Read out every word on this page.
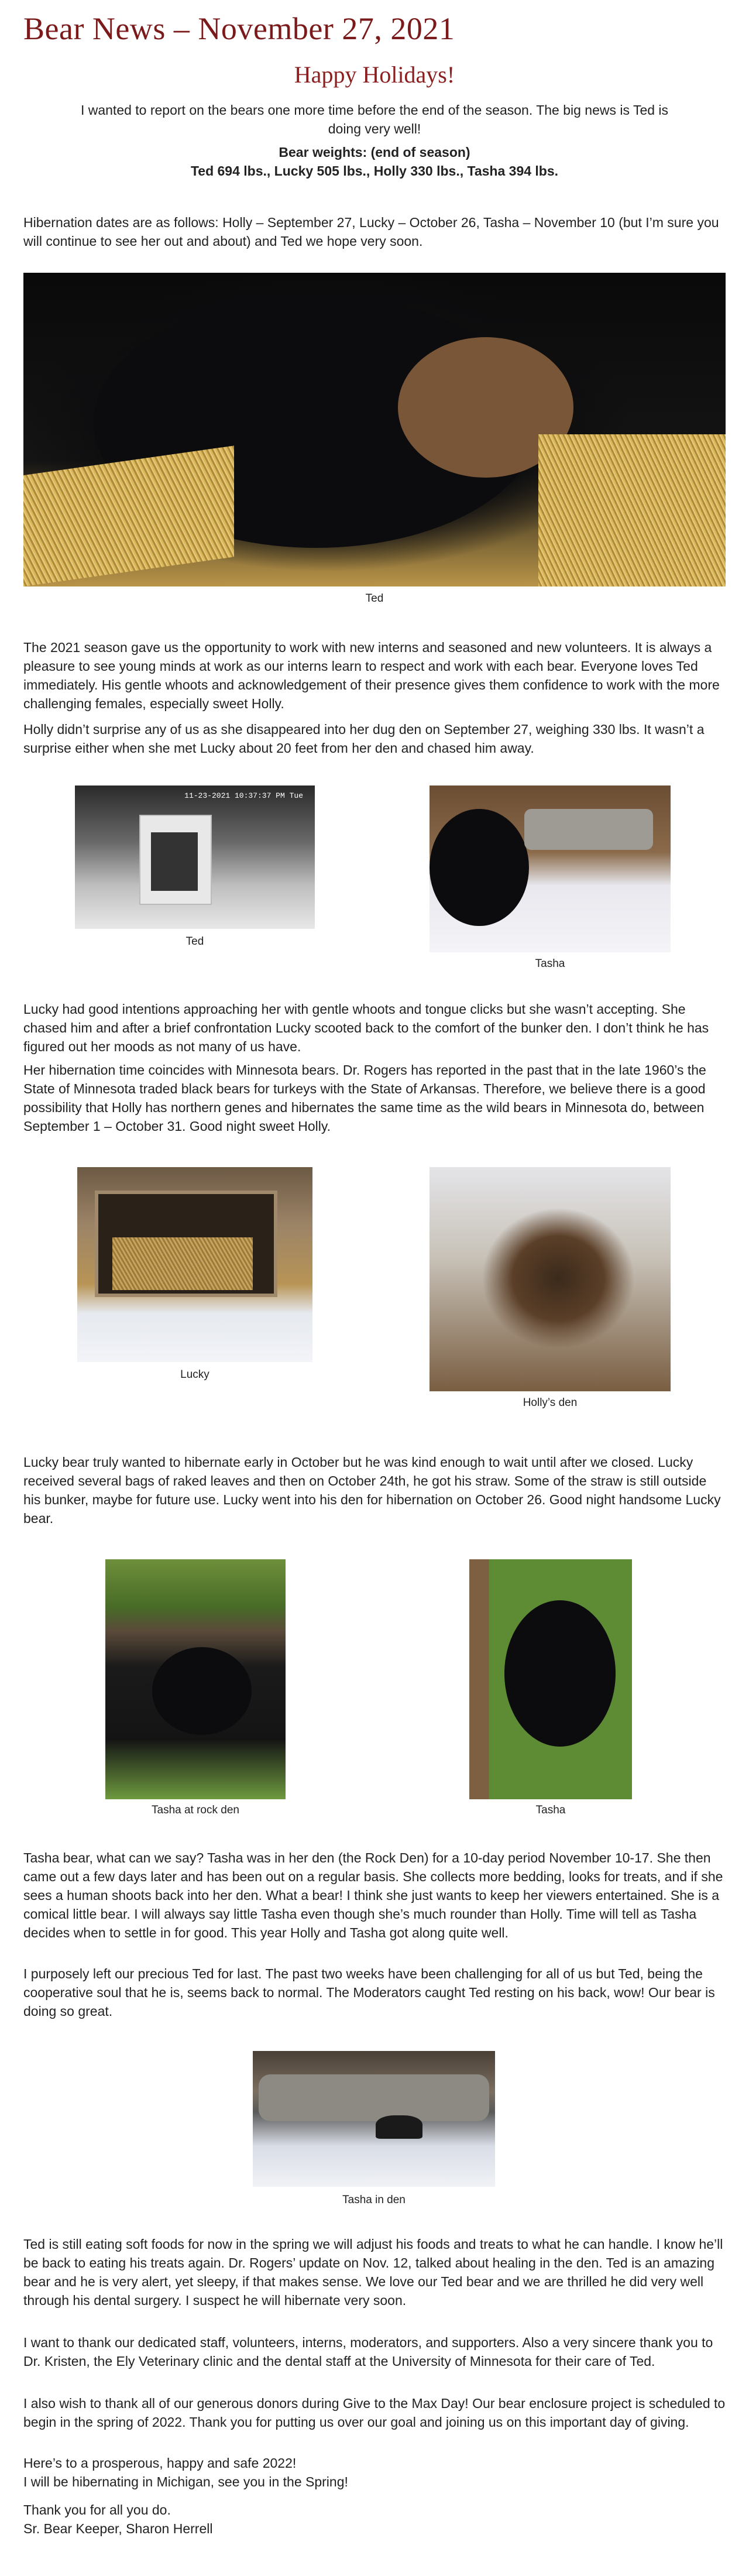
Bear News – November 27, 2021
Happy Holidays!

I wanted to report on the bears one more time before the end of the season. The big news is Ted is doing very well!

Bear weights: (end of season)

Ted 694 lbs., Lucky 505 lbs., Holly 330 lbs., Tasha 394 lbs.

Hibernation dates are as follows: Holly – September 27, Lucky – October 26, Tasha – November 10 (but I’m sure you will continue to see her out and about) and Ted we hope very soon.

Ted

The 2021 season gave us the opportunity to work with new interns and seasoned and new volunteers. It is always a pleasure to see young minds at work as our interns learn to respect and work with each bear. Everyone loves Ted immediately. His gentle whoots and acknowledgement of their presence gives them confidence to work with the more challenging females, especially sweet Holly.

Holly didn’t surprise any of us as she disappeared into her dug den on September 27, weighing 330 lbs. It wasn’t a surprise either when she met Lucky about 20 feet from her den and chased him away.

11-23-2021 10:37:37 PM Tue

Ted

Tasha

Lucky had good intentions approaching her with gentle whoots and tongue clicks but she wasn’t accepting. She chased him and after a brief confrontation Lucky scooted back to the comfort of the bunker den. I don’t think he has figured out her moods as not many of us have.

Her hibernation time coincides with Minnesota bears. Dr. Rogers has reported in the past that in the late 1960’s the State of Minnesota traded black bears for turkeys with the State of Arkansas. Therefore, we believe there is a good possibility that Holly has northern genes and hibernates the same time as the wild bears in Minnesota do, between September 1 – October 31. Good night sweet Holly.

Lucky

Holly’s den

Lucky bear truly wanted to hibernate early in October but he was kind enough to wait until after we closed. Lucky received several bags of raked leaves and then on October 24th, he got his straw. Some of the straw is still outside his bunker, maybe for future use. Lucky went into his den for hibernation on October 26. Good night handsome Lucky bear.

Tasha at rock den	Tasha

Tasha bear, what can we say? Tasha was in her den (the Rock Den) for a 10-day period November 10-17. She then came out a few days later and has been out on a regular basis. She collects more bedding, looks for treats, and if she sees a human shoots back into her den. What a bear! I think she just wants to keep her viewers entertained. She is a comical little bear. I will always say little Tasha even though she’s much rounder than Holly. Time will tell as Tasha decides when to settle in for good. This year Holly and Tasha got along quite well.

I purposely left our precious Ted for last. The past two weeks have been challenging for all of us but Ted, being the cooperative soul that he is, seems back to normal. The Moderators caught Ted resting on his back, wow! Our bear is doing so great.

Tasha in den

Ted is still eating soft foods for now in the spring we will adjust his foods and treats to what he can handle. I know he’ll be back to eating his treats again. Dr. Rogers’ update on Nov. 12, talked about healing in the den. Ted is an amazing bear and he is very alert, yet sleepy, if that makes sense. We love our Ted bear and we are thrilled he did very well through his dental surgery. I suspect he will hibernate very soon.

I want to thank our dedicated staff, volunteers, interns, moderators, and supporters. Also a very sincere thank you to Dr. Kristen, the Ely Veterinary clinic and the dental staff at the University of Minnesota for their care of Ted.

I also wish to thank all of our generous donors during Give to the Max Day! Our bear enclosure project is scheduled to begin in the spring of 2022. Thank you for putting us over our goal and joining us on this important day of giving.

Here’s to a prosperous, happy and safe 2022!

I will be hibernating in Michigan, see you in the Spring!

Thank you for all you do.

Sr. Bear Keeper, Sharon Herrell
